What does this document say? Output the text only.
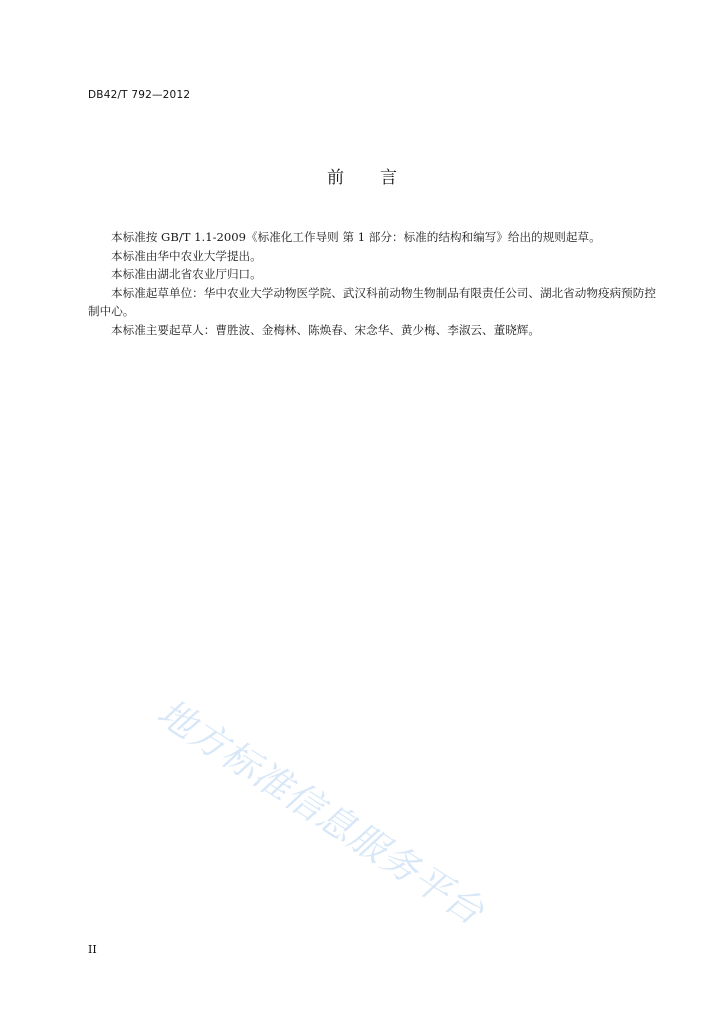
DB42/T 792—2012
前 言

本标准按 GB/T 1.1-2009《标准化工作导则 第 1 部分：标准的结构和编写》给出的规则起草。

本标准由华中农业大学提出。

本标准由湖北省农业厅归口。

本标准起草单位：华中农业大学动物医学院、武汉科前动物生物制品有限责任公司、湖北省动物疫病预防控制中心。

本标准主要起草人：曹胜波、金梅林、陈焕春、宋念华、黄少梅、李淑云、董晓辉。

地方标准信息服务平台
II
